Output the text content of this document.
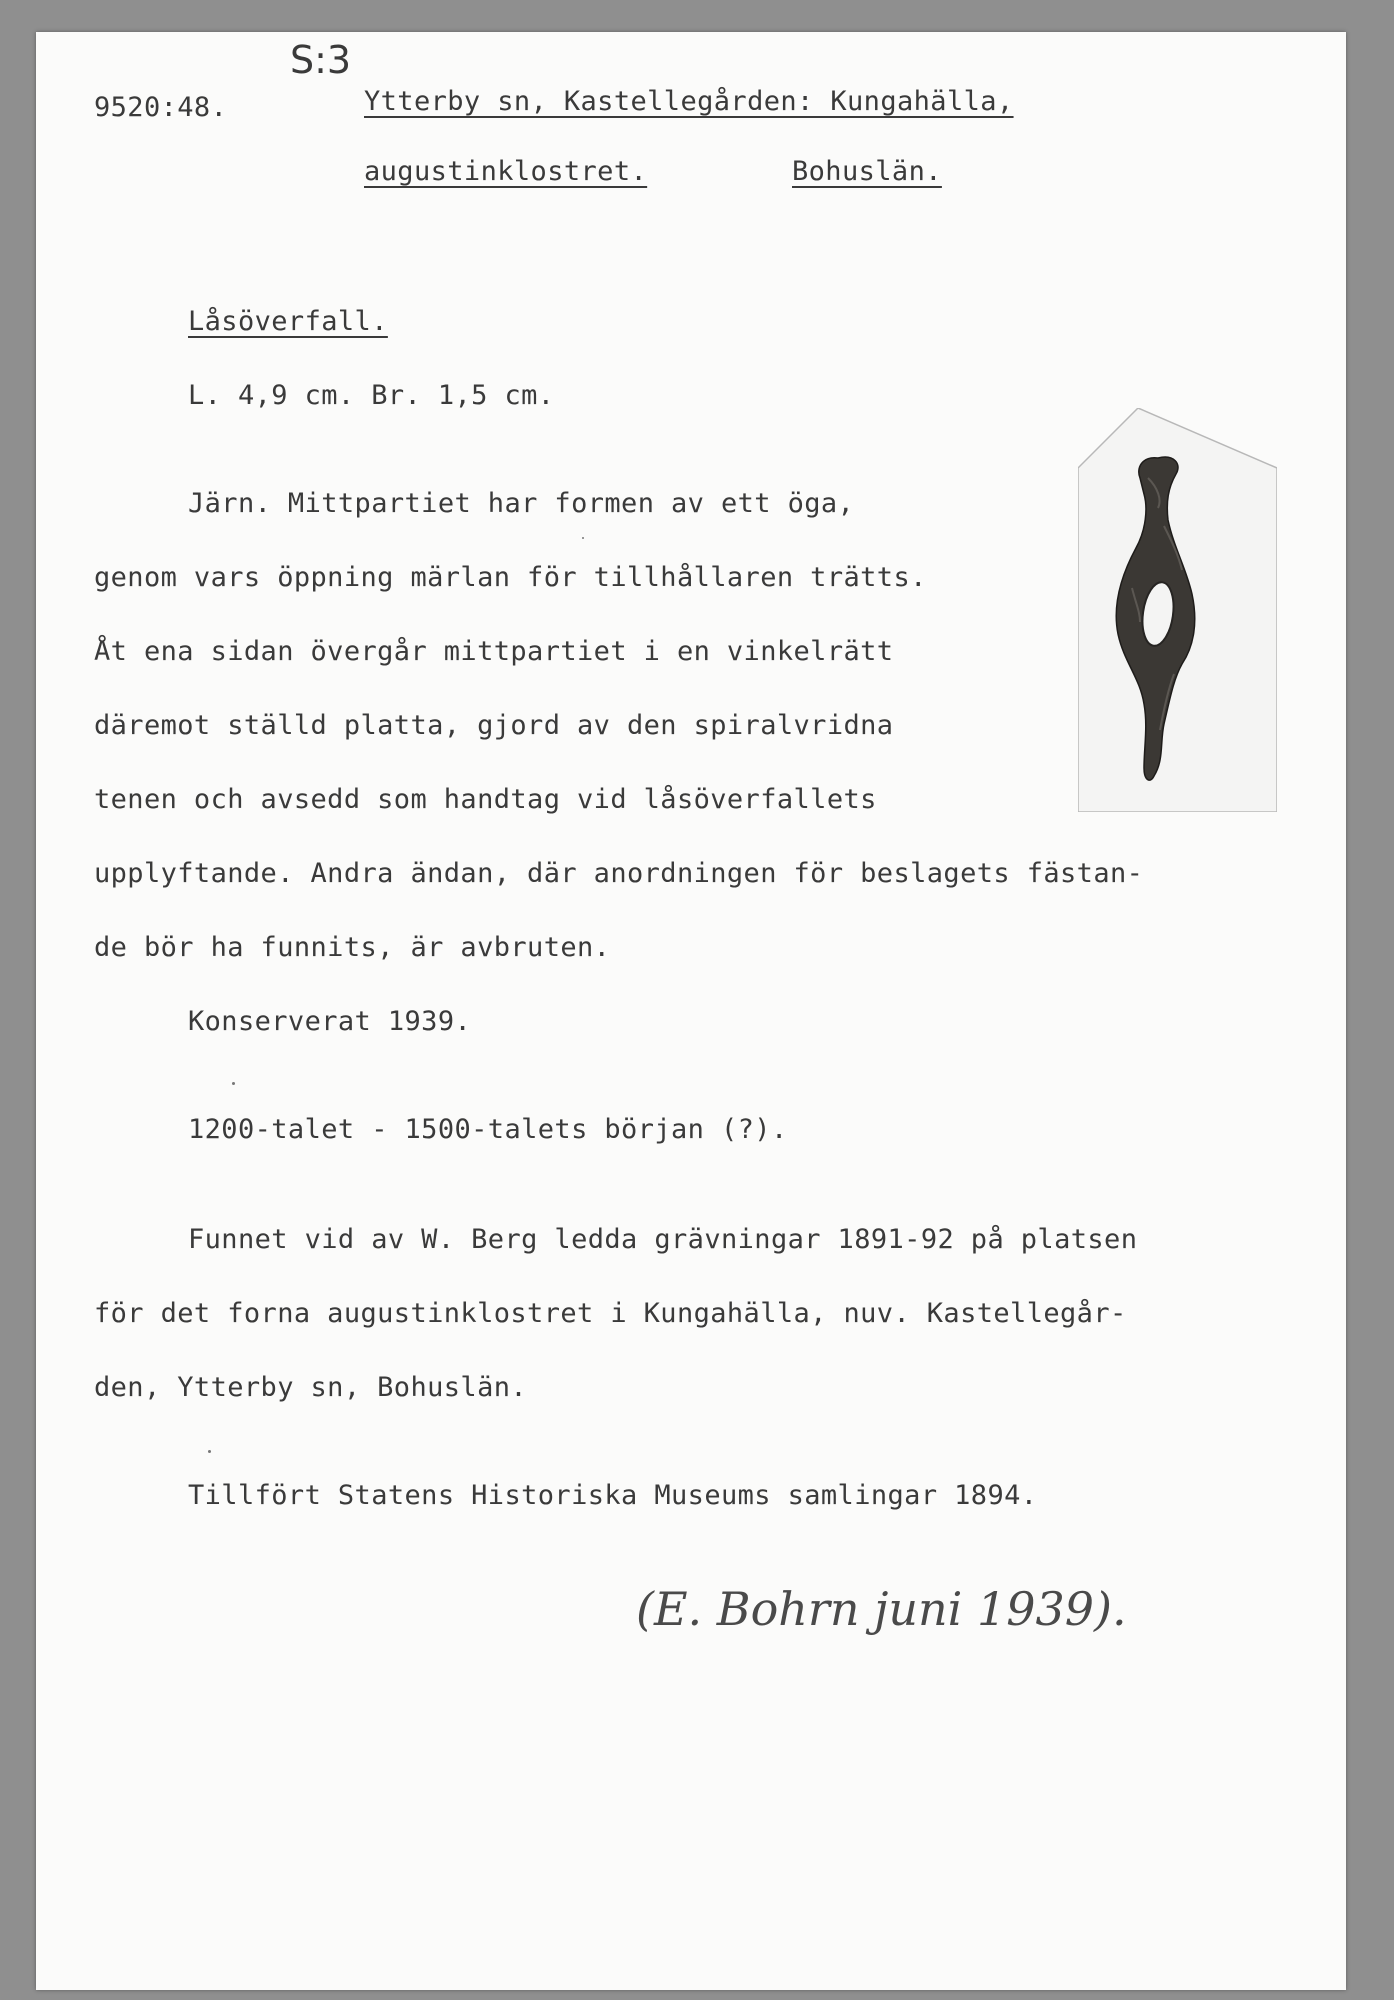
S:3
9520:48.	Ytterby sn, Kastellegården: Kungahälla,
augustinklostret.	Bohuslän.
Låsöverfall.
L. 4,9 cm. Br. 1,5 cm.
Järn. Mittpartiet har formen av ett öga,
genom vars öppning märlan för tillhållaren trätts.
Åt ena sidan övergår mittpartiet i en vinkelrätt
däremot ställd platta, gjord av den spiralvridna
tenen och avsedd som handtag vid låsöverfallets
upplyftande. Andra ändan, där anordningen för beslagets fästan-
de bör ha funnits, är avbruten.
Konserverat 1939.
1200-talet - 1500-talets början (?).
Funnet vid av W. Berg ledda grävningar 1891-92 på platsen
för det forna augustinklostret i Kungahälla, nuv. Kastellegår-
den, Ytterby sn, Bohuslän.
Tillfört Statens Historiska Museums samlingar 1894.
(E. Bohrn juni 1939).
